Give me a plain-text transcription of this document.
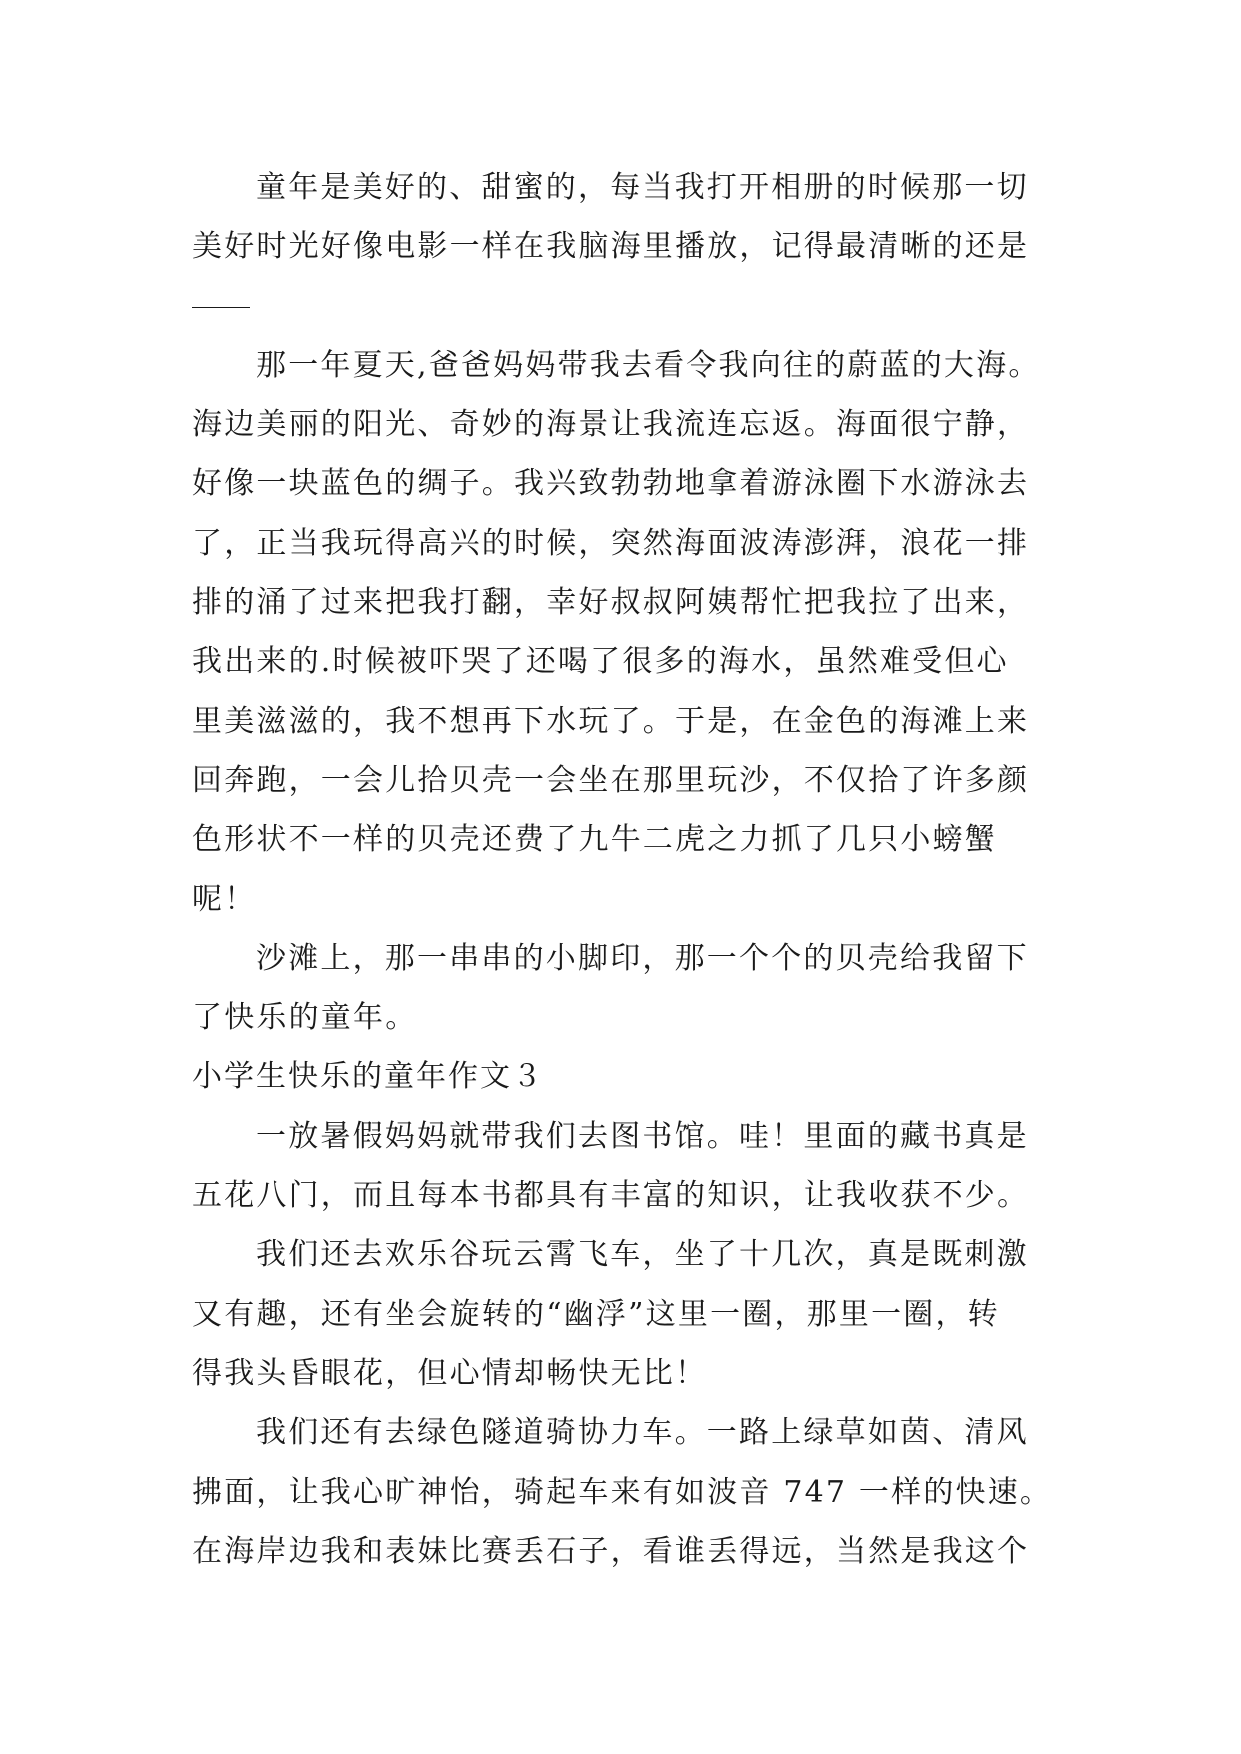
童年是美好的、甜蜜的，每当我打开相册的时候那一切
美好时光好像电影一样在我脑海里播放，记得最清晰的还是
那一年夏天,爸爸妈妈带我去看令我向往的蔚蓝的大海。
海边美丽的阳光、奇妙的海景让我流连忘返。海面很宁静，
好像一块蓝色的绸子。我兴致勃勃地拿着游泳圈下水游泳去
了，正当我玩得高兴的时候，突然海面波涛澎湃，浪花一排
排的涌了过来把我打翻，幸好叔叔阿姨帮忙把我拉了出来，
我出来的.时候被吓哭了还喝了很多的海水，虽然难受但心
里美滋滋的，我不想再下水玩了。于是，在金色的海滩上来
回奔跑，一会儿拾贝壳一会坐在那里玩沙，不仅拾了许多颜
色形状不一样的贝壳还费了九牛二虎之力抓了几只小螃蟹
呢！
沙滩上，那一串串的小脚印，那一个个的贝壳给我留下
了快乐的童年。
小学生快乐的童年作文３
一放暑假妈妈就带我们去图书馆。哇！里面的藏书真是
五花八门，而且每本书都具有丰富的知识，让我收获不少。
我们还去欢乐谷玩云霄飞车，坐了十几次，真是既刺激
又有趣，还有坐会旋转的“幽浮”这里一圈，那里一圈，转
得我头昏眼花，但心情却畅快无比！
我们还有去绿色隧道骑协力车。一路上绿草如茵、清风
拂面，让我心旷神怡，骑起车来有如波音 747 一样的快速。
在海岸边我和表妹比赛丢石子，看谁丢得远，当然是我这个
